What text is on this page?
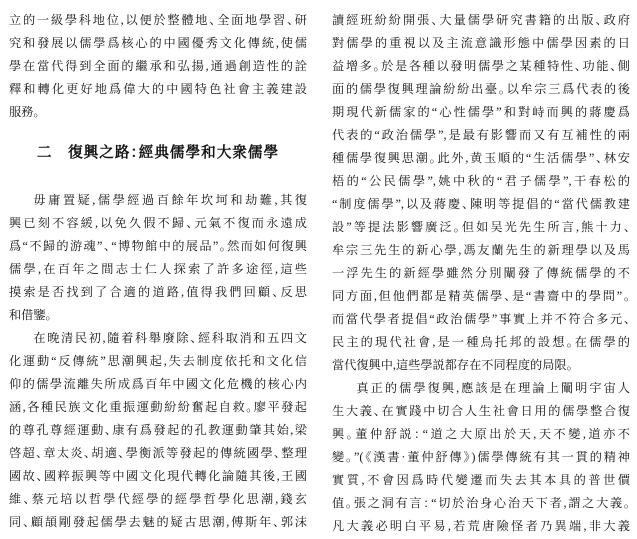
立的一級學科地位,以便於整體地、全面地學習、研
究和發展以儒學爲核心的中國優秀文化傳統,使儒
學在當代得到全面的繼承和弘揚,通過創造性的詮
釋和轉化更好地爲偉大的中國特色社會主義建設
服務。
二　復興之路：經典儒學和大衆儒學
毋庸置疑,儒學經過百餘年坎坷和劫難,其復
興已刻不容緩,以免久假不歸、元氣不復而永遠成
爲“不歸的游魂”、“博物館中的展品”。然而如何復興
儒學,在百年之間志士仁人探索了許多途徑,這些
摸索是否找到了合適的道路,值得我們回顧、反思
和借鑒。
在晚清民初,隨着科舉廢除、經科取消和五四文
化運動“反傳統”思潮興起,失去制度依托和文化信
仰的儒學流離失所成爲百年中國文化危機的核心内
涵,各種民族文化重振運動紛紛奮起自救。廖平發起
的尊孔尊經運動、康有爲發起的孔教運動肇其始,梁
啓超、章太炎、胡適、學衡派等發起的傳統國學、整理
國故、國粹振興等中國文化現代轉化論隨其後,王國
維、蔡元培以哲學代經學的經學哲學化思潮,錢玄
同、顧頡剛發起儒學去魅的疑古思潮,傅斯年、郭沫
讀經班紛紛開張、大量儒學研究書籍的出版、政府
對儒學的重視以及主流意識形態中儒學因素的日
益增多。於是各種以發明儒學之某種特性、功能、側
面的儒學復興理論紛紛出臺。以牟宗三爲代表的後
期現代新儒家的“心性儒學”和對峙而興的蔣慶爲
代表的“政治儒學”,是最有影響而又有互補性的兩
種儒學復興思潮。此外,黄玉順的“生活儒學”、林安
梧的“公民儒學”,姚中秋的“君子儒學”,干春松的
“制度儒學”,以及蔣慶、陳明等提倡的“當代儒教建
設”等提法影響廣泛。但如吴光先生所言,熊十力、
牟宗三先生的新心學,馮友蘭先生的新理學以及馬
一浮先生的新經學雖然分別闡發了傳統儒學的不
同方面,但他們都是精英儒學、是“書齋中的學問”。
而當代學者提倡“政治儒學”事實上并不符合多元、
民主的現代社會,是一種烏托邦的設想。在儒學的
當代復興中,這些學説都存在不同程度的局限。
真正的儒學復興,應該是在理論上闡明宇宙人
生大義、在實踐中切合人生社會日用的儒學整合復
興。董仲舒説：“道之大原出於天,天不變,道亦不
變。”(《漢書·董仲舒傳》)儒學傳統有其一貫的精神
實質,不會因爲時代變遷而失去其本具的普世價
值。張之洞有言：“切於治身心治天下者,謂之大義。
凡大義必明白平易,若荒唐險怪者乃異端,非大義
